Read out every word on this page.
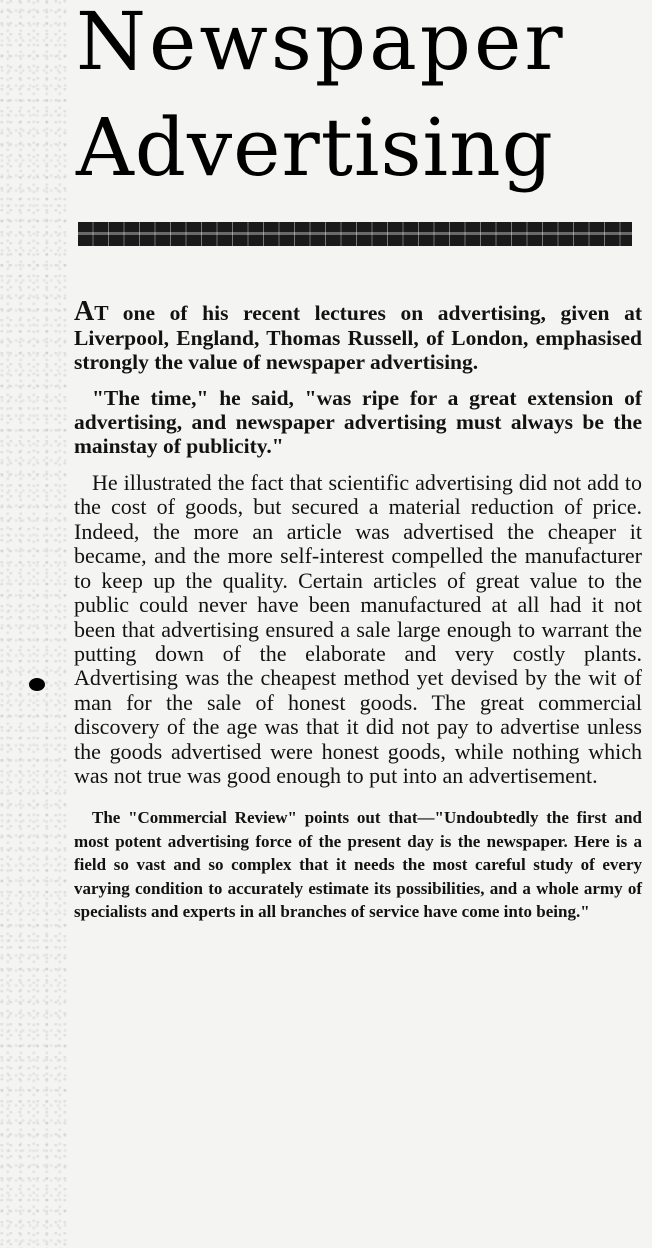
Newspaper
Advertising

AT one of his recent lectures on advertising, given at Liverpool, England, Thomas Russell, of London, emphasised strongly the value of newspaper advertising.

"The time," he said, "was ripe for a great extension of advertising, and newspaper advertising must always be the mainstay of publicity."

He illustrated the fact that scientific advertising did not add to the cost of goods, but secured a material reduction of price. Indeed, the more an article was advertised the cheaper it became, and the more self-interest compelled the manufacturer to keep up the quality. Certain articles of great value to the public could never have been manufactured at all had it not been that advertising ensured a sale large enough to warrant the putting down of the elaborate and very costly plants. Advertising was the cheapest method yet devised by the wit of man for the sale of honest goods. The great commercial discovery of the age was that it did not pay to advertise unless the goods advertised were honest goods, while nothing which was not true was good enough to put into an advertisement.

The "Commercial Review" points out that—"Undoubtedly the first and most potent advertising force of the present day is the newspaper. Here is a field so vast and so complex that it needs the most careful study of every varying condition to accurately estimate its possibilities, and a whole army of specialists and experts in all branches of service have come into being."
